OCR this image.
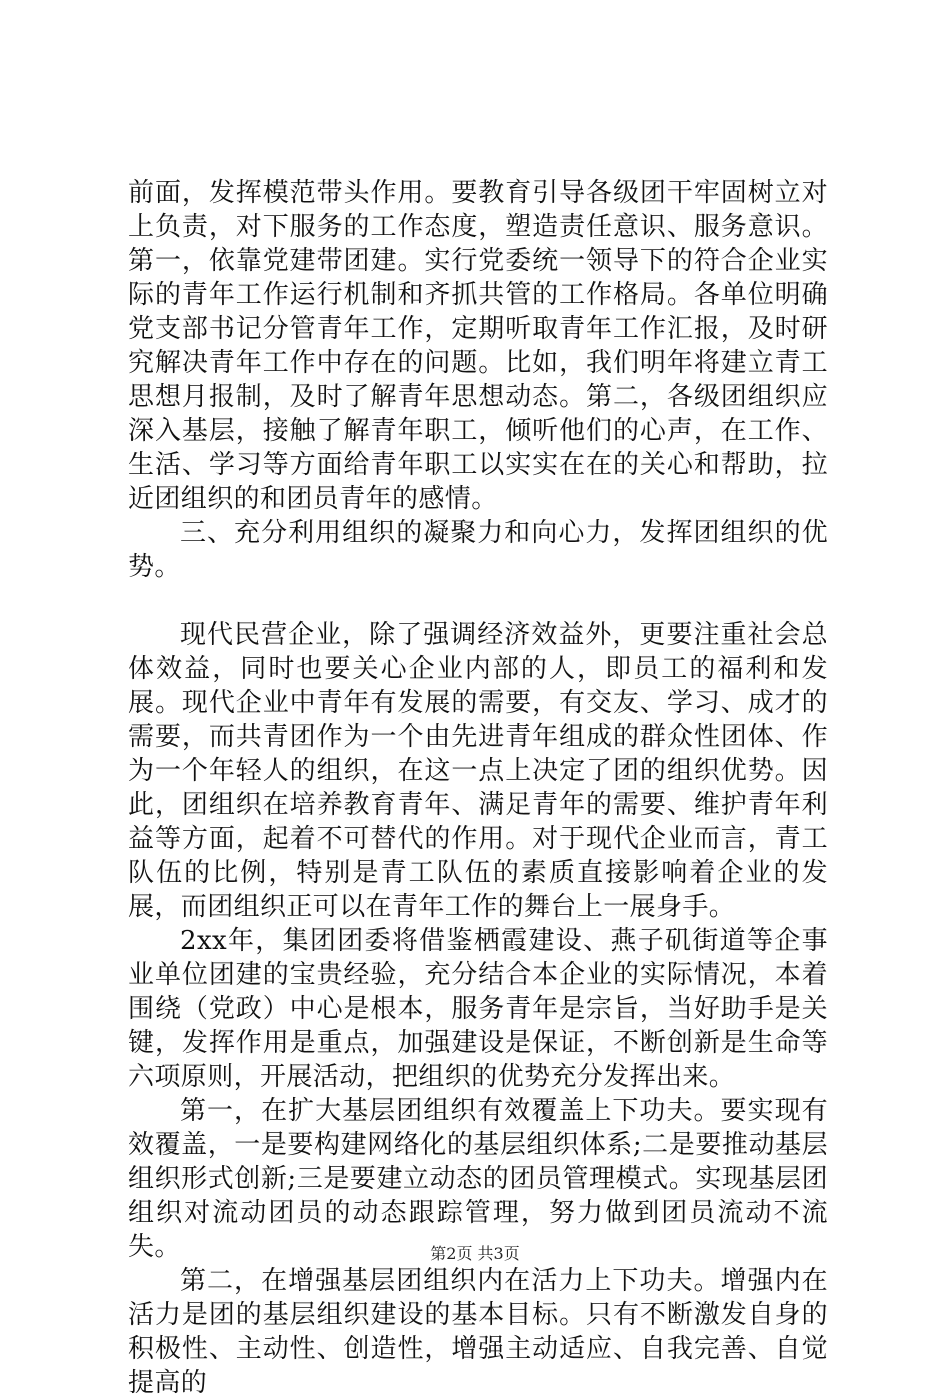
前面，发挥模范带头作用。要教育引导各级团干牢固树立对上负责，对下服务的工作态度，塑造责任意识、服务意识。第一，依靠党建带团建。实行党委统一领导下的符合企业实际的青年工作运行机制和齐抓共管的工作格局。各单位明确党支部书记分管青年工作，定期听取青年工作汇报，及时研究解决青年工作中存在的问题。比如，我们明年将建立青工思想月报制，及时了解青年思想动态。第二，各级团组织应深入基层，接触了解青年职工，倾听他们的心声，在工作、生活、学习等方面给青年职工以实实在在的关心和帮助，拉近团组织的和团员青年的感情。

三、充分利用组织的凝聚力和向心力，发挥团组织的优势。

现代民营企业，除了强调经济效益外，更要注重社会总体效益，同时也要关心企业内部的人，即员工的福利和发展。现代企业中青年有发展的需要，有交友、学习、成才的需要，而共青团作为一个由先进青年组成的群众性团体、作为一个年轻人的组织，在这一点上决定了团的组织优势。因此，团组织在培养教育青年、满足青年的需要、维护青年利益等方面，起着不可替代的作用。对于现代企业而言，青工队伍的比例，特别是青工队伍的素质直接影响着企业的发展，而团组织正可以在青年工作的舞台上一展身手。

2xx年，集团团委将借鉴栖霞建设、燕子矶街道等企事业单位团建的宝贵经验，充分结合本企业的实际情况，本着围绕（党政）中心是根本，服务青年是宗旨，当好助手是关键，发挥作用是重点，加强建设是保证，不断创新是生命等六项原则，开展活动，把组织的优势充分发挥出来。

第一，在扩大基层团组织有效覆盖上下功夫。要实现有效覆盖，一是要构建网络化的基层组织体系;二是要推动基层组织形式创新;三是要建立动态的团员管理模式。实现基层团组织对流动团员的动态跟踪管理，努力做到团员流动不流失。

第二，在增强基层团组织内在活力上下功夫。增强内在活力是团的基层组织建设的基本目标。只有不断激发自身的积极性、主动性、创造性，增强主动适应、自我完善、自觉提高的

第2页 共3页
